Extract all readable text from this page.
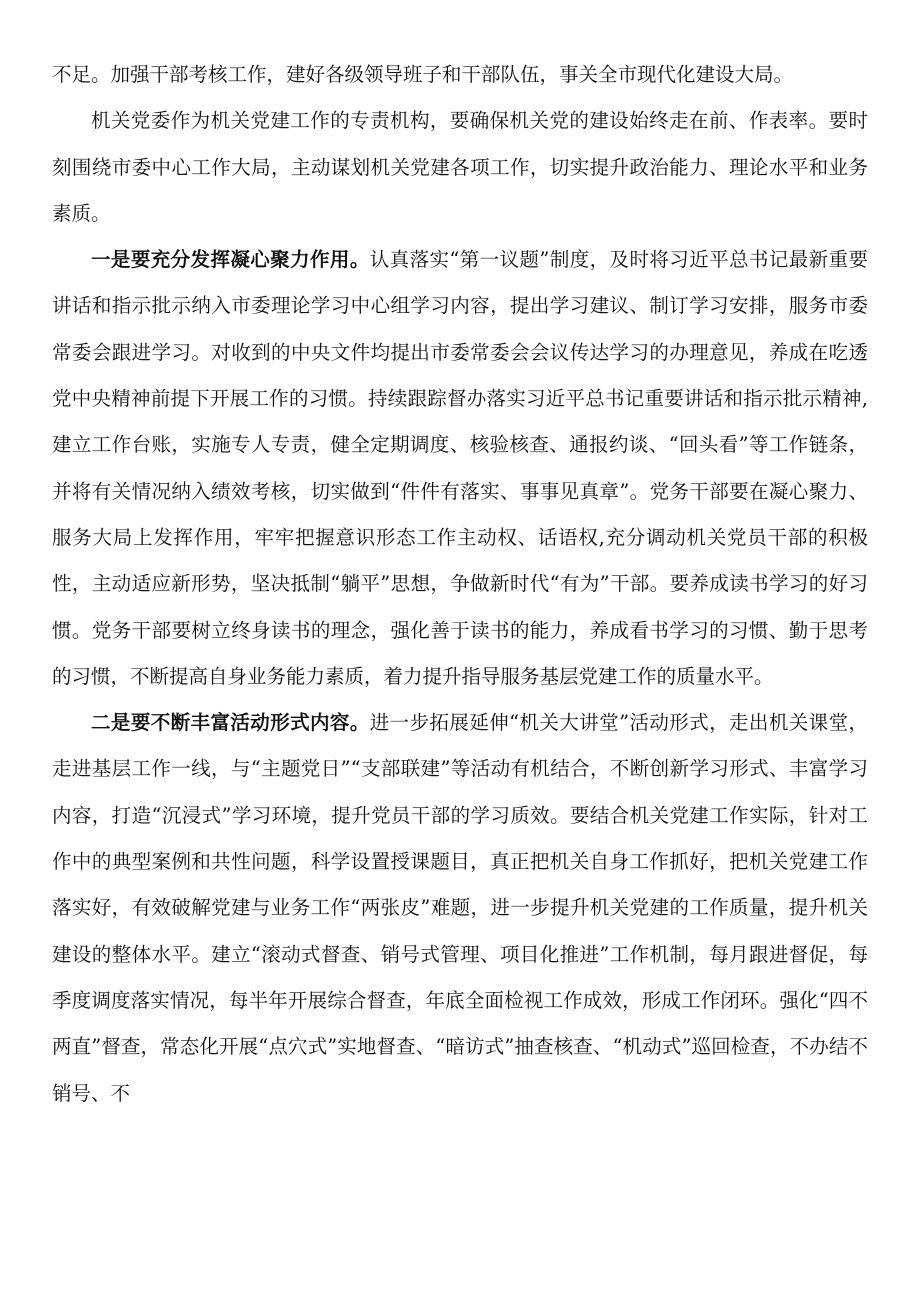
不足。加强干部考核工作，建好各级领导班子和干部队伍，事关全市现代化建设大局。

机关党委作为机关党建工作的专责机构，要确保机关党的建设始终走在前、作表率。要时刻围绕市委中心工作大局，主动谋划机关党建各项工作，切实提升政治能力、理论水平和业务素质。

一是要充分发挥凝心聚力作用。认真落实“第一议题”制度，及时将习近平总书记最新重要讲话和指示批示纳入市委理论学习中心组学习内容，提出学习建议、制订学习安排，服务市委常委会跟进学习。对收到的中央文件均提出市委常委会会议传达学习的办理意见，养成在吃透党中央精神前提下开展工作的习惯。持续跟踪督办落实习近平总书记重要讲话和指示批示精神,建立工作台账，实施专人专责，健全定期调度、核验核查、通报约谈、“回头看”等工作链条，并将有关情况纳入绩效考核，切实做到“件件有落实、事事见真章”。党务干部要在凝心聚力、服务大局上发挥作用，牢牢把握意识形态工作主动权、话语权,充分调动机关党员干部的积极性，主动适应新形势，坚决抵制“躺平”思想，争做新时代“有为”干部。要养成读书学习的好习惯。党务干部要树立终身读书的理念，强化善于读书的能力，养成看书学习的习惯、勤于思考的习惯，不断提高自身业务能力素质，着力提升指导服务基层党建工作的质量水平。

二是要不断丰富活动形式内容。进一步拓展延伸“机关大讲堂”活动形式，走出机关课堂，走进基层工作一线，与“主题党日”“支部联建”等活动有机结合，不断创新学习形式、丰富学习内容，打造“沉浸式”学习环境，提升党员干部的学习质效。要结合机关党建工作实际，针对工作中的典型案例和共性问题，科学设置授课题目，真正把机关自身工作抓好，把机关党建工作落实好，有效破解党建与业务工作“两张皮”难题，进一步提升机关党建的工作质量，提升机关建设的整体水平。建立“滚动式督查、销号式管理、项目化推进”工作机制，每月跟进督促，每季度调度落实情况，每半年开展综合督查，年底全面检视工作成效，形成工作闭环。强化“四不两直”督查，常态化开展“点穴式”实地督查、“暗访式”抽查核查、“机动式”巡回检查，不办结不销号、不
